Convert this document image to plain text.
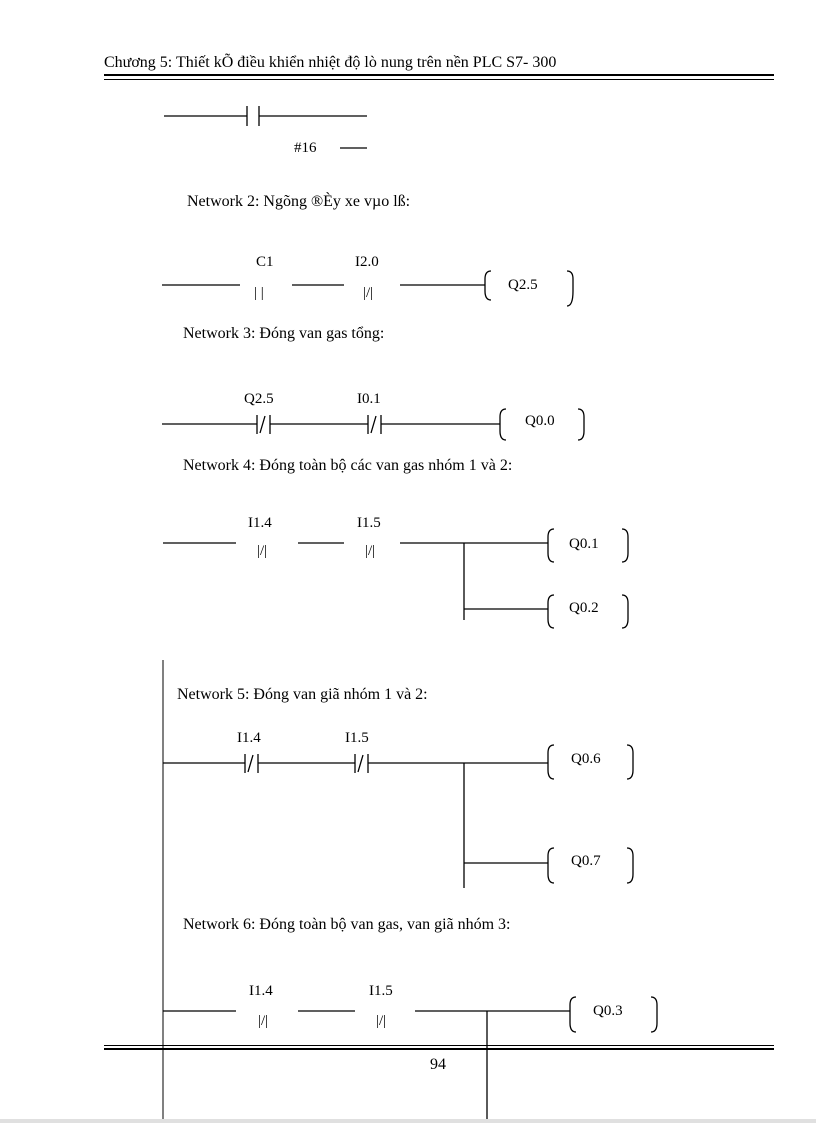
Chương 5: Thiết kÕ điều khiển nhiệt độ lò nung trên nền PLC S7- 300
#16
Network 2: Ngõng ®Èy xe vµo lß:
C1	I2.0
| |	|/|	Q2.5
Network 3: Đóng van gas tổng:
Q2.5	I0.1
Q0.0
Network 4: Đóng toàn bộ các van gas nhóm 1 và 2:
I1.4	I1.5
|/|	|/|	Q0.1
Q0.2
Network 5: Đóng van giã nhóm 1 và 2:
I1.4	I1.5
Q0.6
Q0.7
Network 6: Đóng toàn bộ van gas, van giã nhóm 3:
I1.4	I1.5
|/|	|/|
Q0.3
94
